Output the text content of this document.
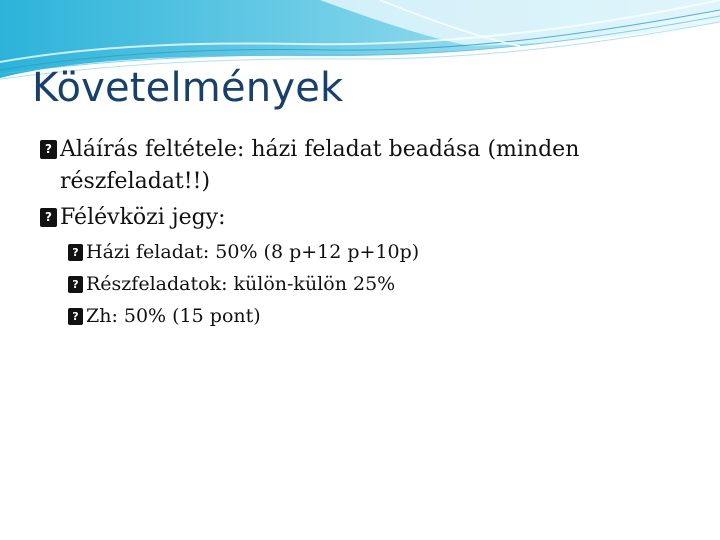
Követelmények
?Aláírás feltétele: házi feladat beadása (minden részfeladat!!)
?Félévközi jegy:
?Házi feladat: 50% (8 p+12 p+10p)
?Részfeladatok: külön-külön 25%
?Zh: 50% (15 pont)
